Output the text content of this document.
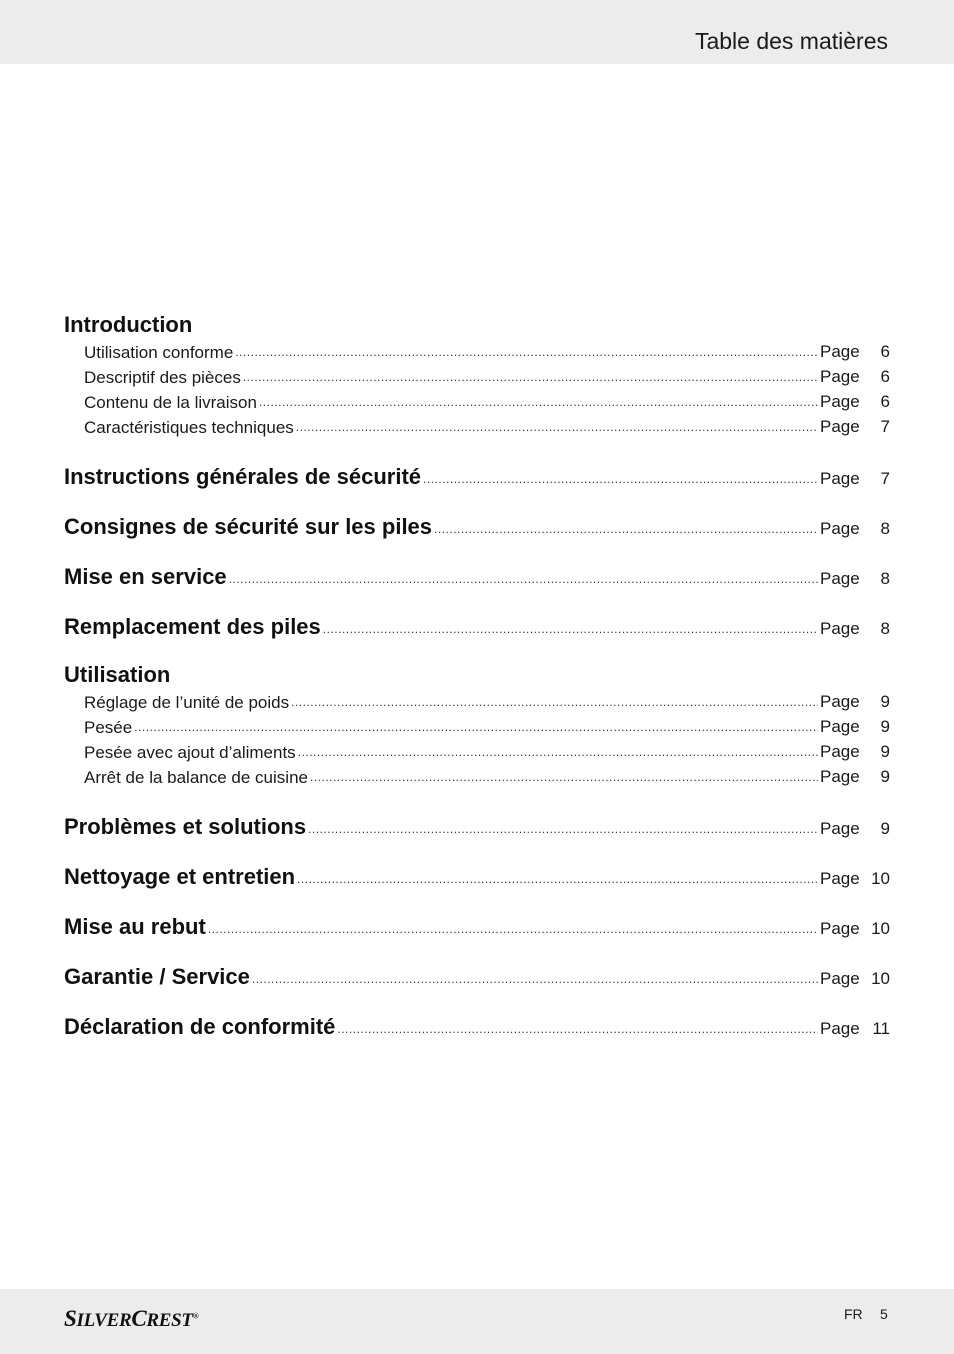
Table des matières
Introduction
Utilisation conforme .....	Page	6
Descriptif des pièces .....	Page	6
Contenu de la livraison .....	Page	6
Caractéristiques techniques .....	Page	7
Instructions générales de sécurité .....	Page	7
Consignes de sécurité sur les piles .....	Page	8
Mise en service .....	Page	8
Remplacement des piles .....	Page	8
Utilisation
Réglage de l’unité de poids .....	Page	9
Pesée .....	Page	9
Pesée avec ajout d’aliments .....	Page	9
Arrêt de la balance de cuisine .....	Page	9
Problèmes et solutions .....	Page	9
Nettoyage et entretien .....	Page 10
Mise au rebut .....	Page 10
Garantie / Service .....	Page 10
Déclaration de conformité .....	Page 11
SILVERCREST®	FR 5
